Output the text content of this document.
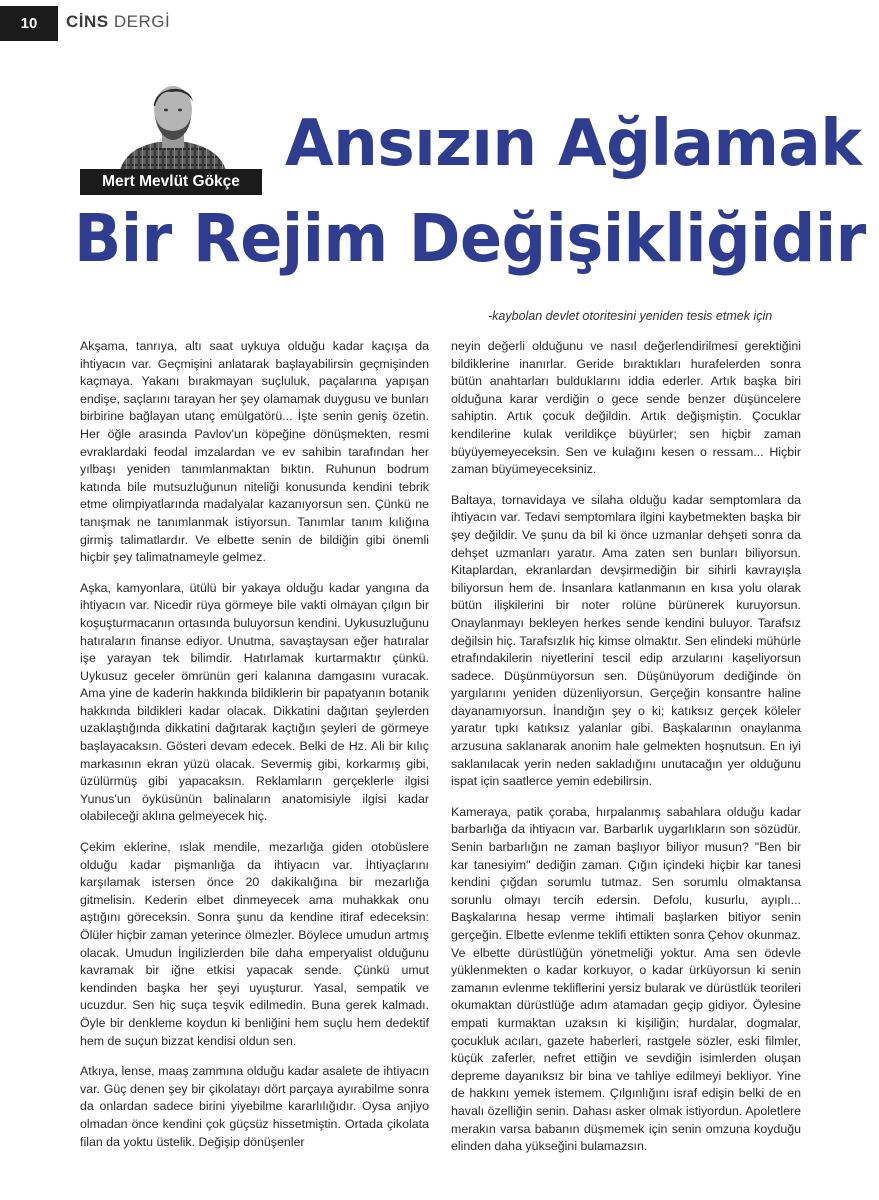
10	CİNS DERGİ
Mert Mevlüt Gökçe
Ansızın Ağlamak
Bir Rejim Değişikliğidir
-kaybolan devlet otoritesini yeniden tesis etmek için

Akşama, tanrıya, altı saat uykuya olduğu kadar kaçışa da ihtiyacın var. Geçmişini anlatarak başlayabilirsin geçmişinden kaçmaya. Yakanı bırakmayan suçluluk, paçalarına yapışan endişe, saçlarını tarayan her şey olamamak duygusu ve bunları birbirine bağlayan utanç emülgatörü... İşte senin geniş özetin. Her öğle arasında Pavlov'un köpeğine dönüşmekten, resmi evraklardaki feodal imzalardan ve ev sahibin tarafından her yılbaşı yeniden tanımlanmaktan bıktın. Ruhunun bodrum katında bile mutsuzluğunun niteliği konusunda kendini tebrik etme olimpiyatlarında madalyalar kazanıyorsun sen. Çünkü ne tanışmak ne tanımlanmak istiyorsun. Tanımlar tanım kılığına girmiş talimatlardır. Ve elbette senin de bildiğin gibi önemli hiçbir şey talimatnameyle gelmez.

Aşka, kamyonlara, ütülü bir yakaya olduğu kadar yangına da ihtiyacın var. Nicedir rüya görmeye bile vakti olmayan çılgın bir koşuşturmacanın ortasında buluyorsun kendini. Uykusuzluğunu hatıraların finanse ediyor. Unutma, savaştaysan eğer hatıralar işe yarayan tek bilimdir. Hatırlamak kurtarmaktır çünkü. Uykusuz geceler ömrünün geri kalanına damgasını vuracak. Ama yine de kaderin hakkında bildiklerin bir papatyanın botanik hakkında bildikleri kadar olacak. Dikkatini dağıtan şeylerden uzaklaştığında dikkatini dağıtarak kaçtığın şeyleri de görmeye başlayacaksın. Gösteri devam edecek. Belki de Hz. Ali bir kılıç markasının ekran yüzü olacak. Severmiş gibi, korkarmış gibi, üzülürmüş gibi yapacaksın. Reklamların gerçeklerle ilgisi Yunus'un öyküsünün balinaların anatomisiyle ilgisi kadar olabileceği aklına gelmeyecek hiç.

Çekim eklerine, ıslak mendile, mezarlığa giden otobüslere olduğu kadar pişmanlığa da ihtiyacın var. İhtiyaçlarını karşılamak istersen önce 20 dakikalığına bir mezarlığa gitmelisin. Kederin elbet dinmeyecek ama muhakkak onu aştığını göreceksin. Sonra şunu da kendine itiraf edeceksin: Ölüler hiçbir zaman yeterince ölmezler. Böylece umudun artmış olacak. Umudun İngilizlerden bile daha emperyalist olduğunu kavramak bir iğne etkisi yapacak sende. Çünkü umut kendinden başka her şeyi uyuşturur. Yasal, sempatik ve ucuzdur. Sen hiç suça teşvik edilmedin. Buna gerek kalmadı. Öyle bir denkleme koydun ki benliğini hem suçlu hem dedektif hem de suçun bizzat kendisi oldun sen.

Atkıya, lense, maaş zammına olduğu kadar asalete de ihtiyacın var. Güç denen şey bir çikolatayı dört parçaya ayırabilme sonra da onlardan sadece birini yiyebilme kararlılığıdır. Oysa anjiyo olmadan önce kendini çok güçsüz hissetmiştin. Ortada çikolata filan da yoktu üstelik. Değişip dönüşenler

neyin değerli olduğunu ve nasıl değerlendirilmesi gerektiğini bildiklerine inanırlar. Geride bıraktıkları hurafelerden sonra bütün anahtarları bulduklarını iddia ederler. Artık başka biri olduğuna karar verdiğin o gece sende benzer düşüncelere sahiptin. Artık çocuk değildin. Artık değişmiştin. Çocuklar kendilerine kulak verildikçe büyürler; sen hiçbir zaman büyüyemeyeceksin. Sen ve kulağını kesen o ressam... Hiçbir zaman büyümeyeceksiniz.

Baltaya, tornavidaya ve silaha olduğu kadar semptomlara da ihtiyacın var. Tedavi semptomlara ilgini kaybetmekten başka bir şey değildir. Ve şunu da bil ki önce uzmanlar dehşeti sonra da dehşet uzmanları yaratır. Ama zaten sen bunları biliyorsun. Kitaplardan, ekranlardan devşirmediğin bir sihirli kavrayışla biliyorsun hem de. İnsanlara katlanmanın en kısa yolu olarak bütün ilişkilerini bir noter rolüne bürünerek kuruyorsun. Onaylanmayı bekleyen herkes sende kendini buluyor. Tarafsız değilsin hiç. Tarafsızlık hiç kimse olmaktır. Sen elindeki mühürle etrafındakilerin niyetlerini tescil edip arzularını kaşeliyorsun sadece. Düşünmüyorsun sen. Düşünüyorum dediğinde ön yargılarını yeniden düzenliyorsun. Gerçeğin konsantre haline dayanamıyorsun. İnandığın şey o ki; katıksız gerçek köleler yaratır tıpkı katıksız yalanlar gibi. Başkalarının onaylanma arzusuna saklanarak anonim hale gelmekten hoşnutsun. En iyi saklanılacak yerin neden sakladığını unutacağın yer olduğunu ispat için saatlerce yemin edebilirsin.

Kameraya, patik çoraba, hırpalanmış sabahlara olduğu kadar barbarlığa da ihtiyacın var. Barbarlık uygarlıkların son sözüdür. Senin barbarlığın ne zaman başlıyor biliyor musun? "Ben bir kar tanesiyim" dediğin zaman. Çığın içindeki hiçbir kar tanesi kendini çığdan sorumlu tutmaz. Sen sorumlu olmaktansa sorunlu olmayı tercih edersin. Defolu, kusurlu, ayıplı... Başkalarına hesap verme ihtimali başlarken bitiyor senin gerçeğin. Elbette evlenme teklifi ettikten sonra Çehov okunmaz. Ve elbette dürüstlüğün yönetmeliği yoktur. Ama sen ödevle yüklenmekten o kadar korkuyor, o kadar ürküyorsun ki senin zamanın evlenme tekliflerini yersiz bularak ve dürüstlük teorileri okumaktan dürüstlüğe adım atamadan geçip gidiyor. Öylesine empati kurmaktan uzaksın ki kişiliğin; hurdalar, dogmalar, çocukluk acıları, gazete haberleri, rastgele sözler, eski filmler, küçük zaferler, nefret ettiğin ve sevdiğin isimlerden oluşan depreme dayanıksız bir bina ve tahliye edilmeyi bekliyor. Yine de hakkını yemek istemem. Çılgınlığını israf edişin belki de en havalı özelliğin senin. Dahası asker olmak istiyordun. Apoletlere merakın varsa babanın düşmemek için senin omzuna koyduğu elinden daha yükseğini bulamazsın.
